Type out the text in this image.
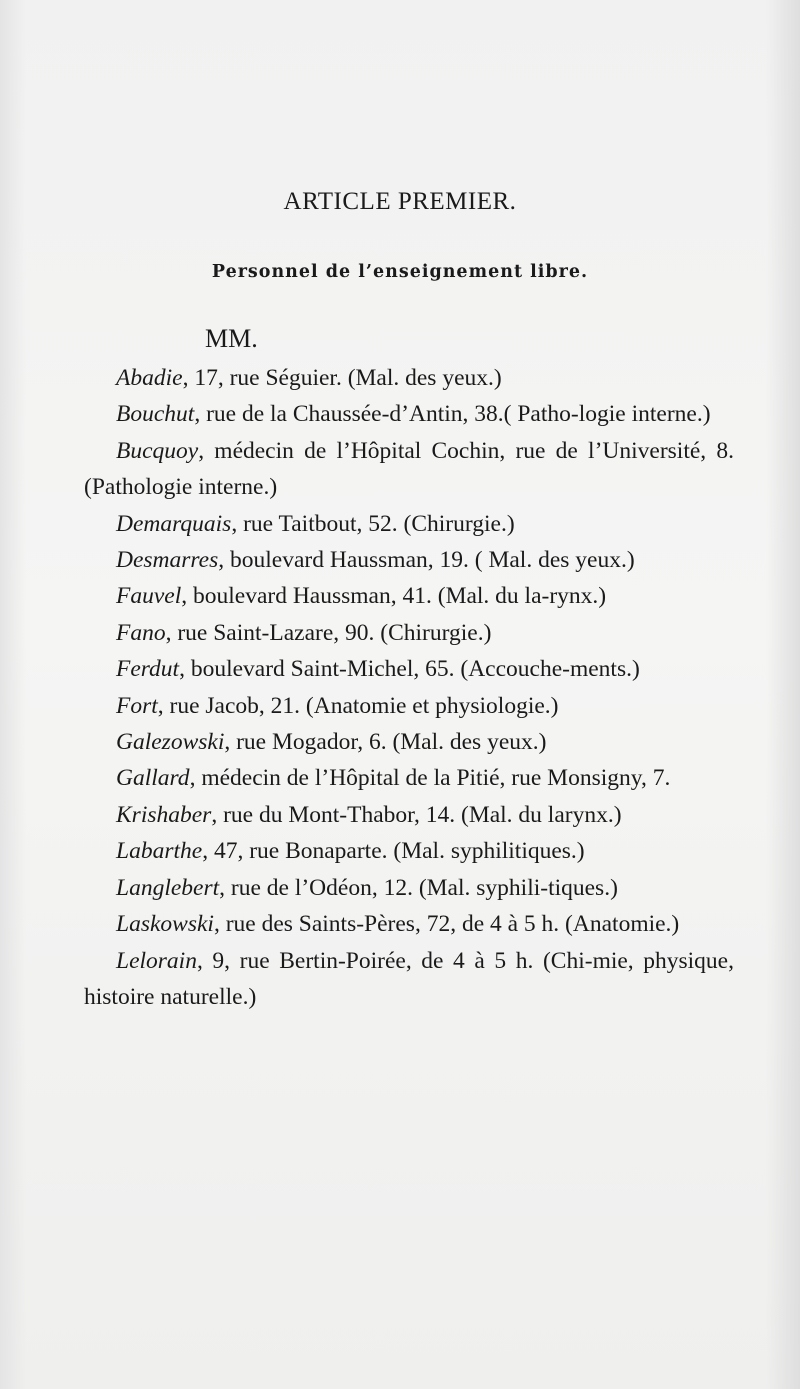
ARTICLE PREMIER.
Personnel de l’enseignement libre.
MM.

Abadie, 17, rue Séguier. (Mal. des yeux.)

Bouchut, rue de la Chaussée-d’Antin, 38.( Patho-logie interne.)

Bucquoy, médecin de l’Hôpital Cochin, rue de l’Université, 8. (Pathologie interne.)

Demarquais, rue Taitbout, 52. (Chirurgie.)

Desmarres, boulevard Haussman, 19. ( Mal. des yeux.)

Fauvel, boulevard Haussman, 41. (Mal. du la-rynx.)

Fano, rue Saint-Lazare, 90. (Chirurgie.)

Ferdut, boulevard Saint-Michel, 65. (Accouche-ments.)

Fort, rue Jacob, 21. (Anatomie et physiologie.)

Galezowski, rue Mogador, 6. (Mal. des yeux.)

Gallard, médecin de l’Hôpital de la Pitié, rue Monsigny, 7.

Krishaber, rue du Mont-Thabor, 14. (Mal. du larynx.)

Labarthe, 47, rue Bonaparte. (Mal. syphilitiques.)

Langlebert, rue de l’Odéon, 12. (Mal. syphili-tiques.)

Laskowski, rue des Saints-Pères, 72, de 4 à 5 h. (Anatomie.)

Lelorain, 9, rue Bertin-Poirée, de 4 à 5 h. (Chi-mie, physique, histoire naturelle.)
